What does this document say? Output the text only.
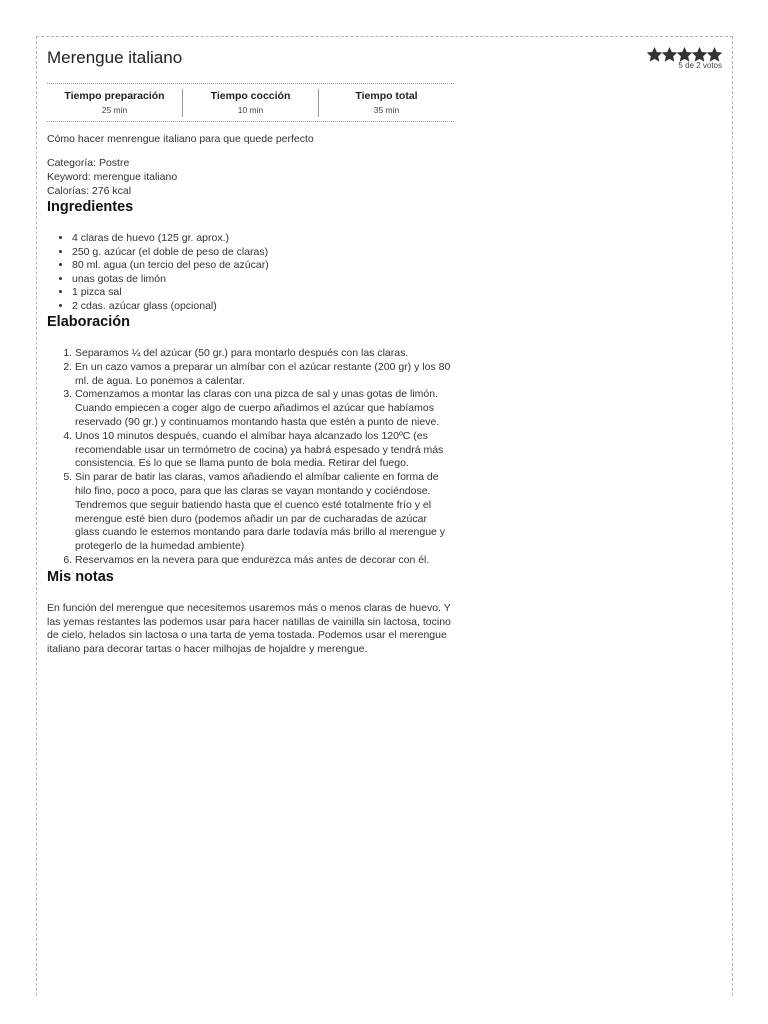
Merengue italiano	5 de 2 votos
Tiempo preparación
25 min
Tiempo cocción
10 min
Tiempo total
35 min

Cómo hacer menrengue italiano para que quede perfecto

Categoría: Postre
Keyword: merengue italiano
Calorías: 276 kcal
Ingredientes
• 4 claras de huevo (125 gr. aprox.)
• 250 g. azúcar (el doble de peso de claras)
• 80 ml. agua (un tercio del peso de azúcar)
• unas gotas de limón
• 1 pizca sal
• 2 cdas. azúcar glass (opcional)
Elaboración
1. Separamos ¼ del azúcar (50 gr.) para montarlo después con las claras.
2. En un cazo vamos a preparar un almíbar con el azúcar restante (200 gr) y los 80 ml. de agua. Lo ponemos a calentar.
3. Comenzamos a montar las claras con una pizca de sal y unas gotas de limón. Cuando empiecen a coger algo de cuerpo añadimos el azúcar que habíamos reservado (90 gr.) y continuamos montando hasta que estén a punto de nieve.
4. Unos 10 minutos después, cuando el almíbar haya alcanzado los 120ºC (es recomendable usar un termómetro de cocina) ya habrá espesado y tendrá más consistencia. Es lo que se llama punto de bola media. Retirar del fuego.
5. Sin parar de batir las claras, vamos añadiendo el almíbar caliente en forma de hilo fino, poco a poco, para que las claras se vayan montando y cociéndose. Tendremos que seguir batiendo hasta que el cuenco esté totalmente frío y el merengue esté bien duro (podemos añadir un par de cucharadas de azúcar glass cuando le estemos montando para darle todavía más brillo al merengue y protegerlo de la humedad ambiente)
6. Reservamos en la nevera para que endurezca más antes de decorar con él.
Mis notas

En función del merengue que necesitemos usaremos más o menos claras de huevo. Y las yemas restantes las podemos usar para hacer natillas de vainilla sin lactosa, tocino de cielo, helados sin lactosa o una tarta de yema tostada. Podemos usar el merengue italiano para decorar tartas o hacer milhojas de hojaldre y merengue.
